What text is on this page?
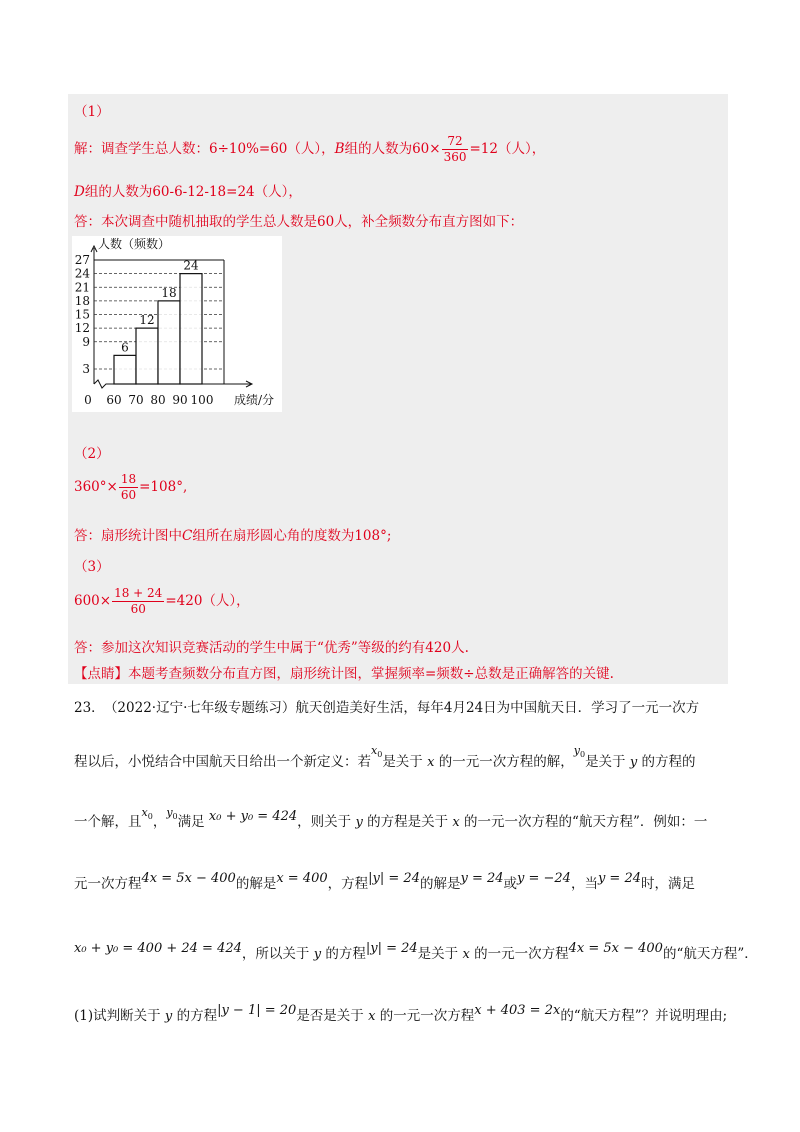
（1）
解：调查学生总人数：6÷10%=60（人），B组的人数为$60\times \frac{72}{360} =12$（人），
D组的人数为60-6-12-18=24（人），
答：本次调查中随机抽取的学生总人数是60人，补全频数分布直方图如下：
3
9
12
15
18
21
24
27
6
12
18
24
60 70 80 90 100
0	成绩/分
人数（频数）
（2）
$360^\circ\times \frac{18}{60} =108^\circ$,
答：扇形统计图中C组所在扇形圆心角的度数为108°;
（3）
$600\times \frac{18 + 24}{60} =420$（人），
答：参加这次知识竞赛活动的学生中属于“优秀”等级的约有420人.
【点睛】本题考查频数分布直方图，扇形统计图，掌握频率=频数÷总数是正确解答的关键.
23． （2022·辽宁·七年级专题练习）航天创造美好生活，每年4月24日为中国航天日．学习了一元一次方
程以后，小悦结合中国航天日给出一个新定义：若$^{x_0}$是关于 x 的一元一次方程的解，$^{y_0}$是关于 y 的方程的
一个解，且$^{x_0}$，$^{y_0}$满足 x₀ + y₀ = 424，则关于 y 的方程是关于 x 的一元一次方程的“航天方程”．例如：一
元一次方程4x = 5x − 400的解是x = 400，方程|y| = 24的解是y = 24或y = −24，当y = 24时，满足
x₀ + y₀ = 400 + 24 = 424，所以关于 y 的方程|y| = 24是关于 x 的一元一次方程4x = 5x − 400的“航天方程”．
(1)试判断关于 y 的方程|y − 1| = 20是否是关于 x 的一元一次方程x + 403 = 2x的“航天方程”？并说明理由;
